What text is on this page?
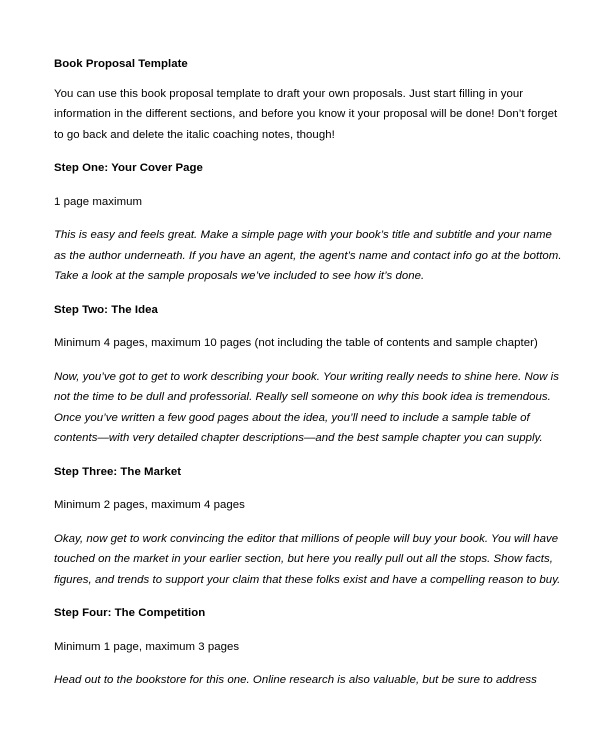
Book Proposal Template
You can use this book proposal template to draft your own proposals. Just start filling in your
information in the different sections, and before you know it your proposal will be done! Don’t forget
to go back and delete the italic coaching notes, though!
Step One: Your Cover Page
1 page maximum
This is easy and feels great. Make a simple page with your book’s title and subtitle and your name
as the author underneath. If you have an agent, the agent’s name and contact info go at the bottom.
Take a look at the sample proposals we’ve included to see how it’s done.
Step Two: The Idea
Minimum 4 pages, maximum 10 pages (not including the table of contents and sample chapter)
Now, you’ve got to get to work describing your book. Your writing really needs to shine here. Now is
not the time to be dull and professorial. Really sell someone on why this book idea is tremendous.
Once you’ve written a few good pages about the idea, you’ll need to include a sample table of
contents—with very detailed chapter descriptions—and the best sample chapter you can supply.
Step Three: The Market
Minimum 2 pages, maximum 4 pages
Okay, now get to work convincing the editor that millions of people will buy your book. You will have
touched on the market in your earlier section, but here you really pull out all the stops. Show facts,
figures, and trends to support your claim that these folks exist and have a compelling reason to buy.
Step Four: The Competition
Minimum 1 page, maximum 3 pages
Head out to the bookstore for this one. Online research is also valuable, but be sure to address
